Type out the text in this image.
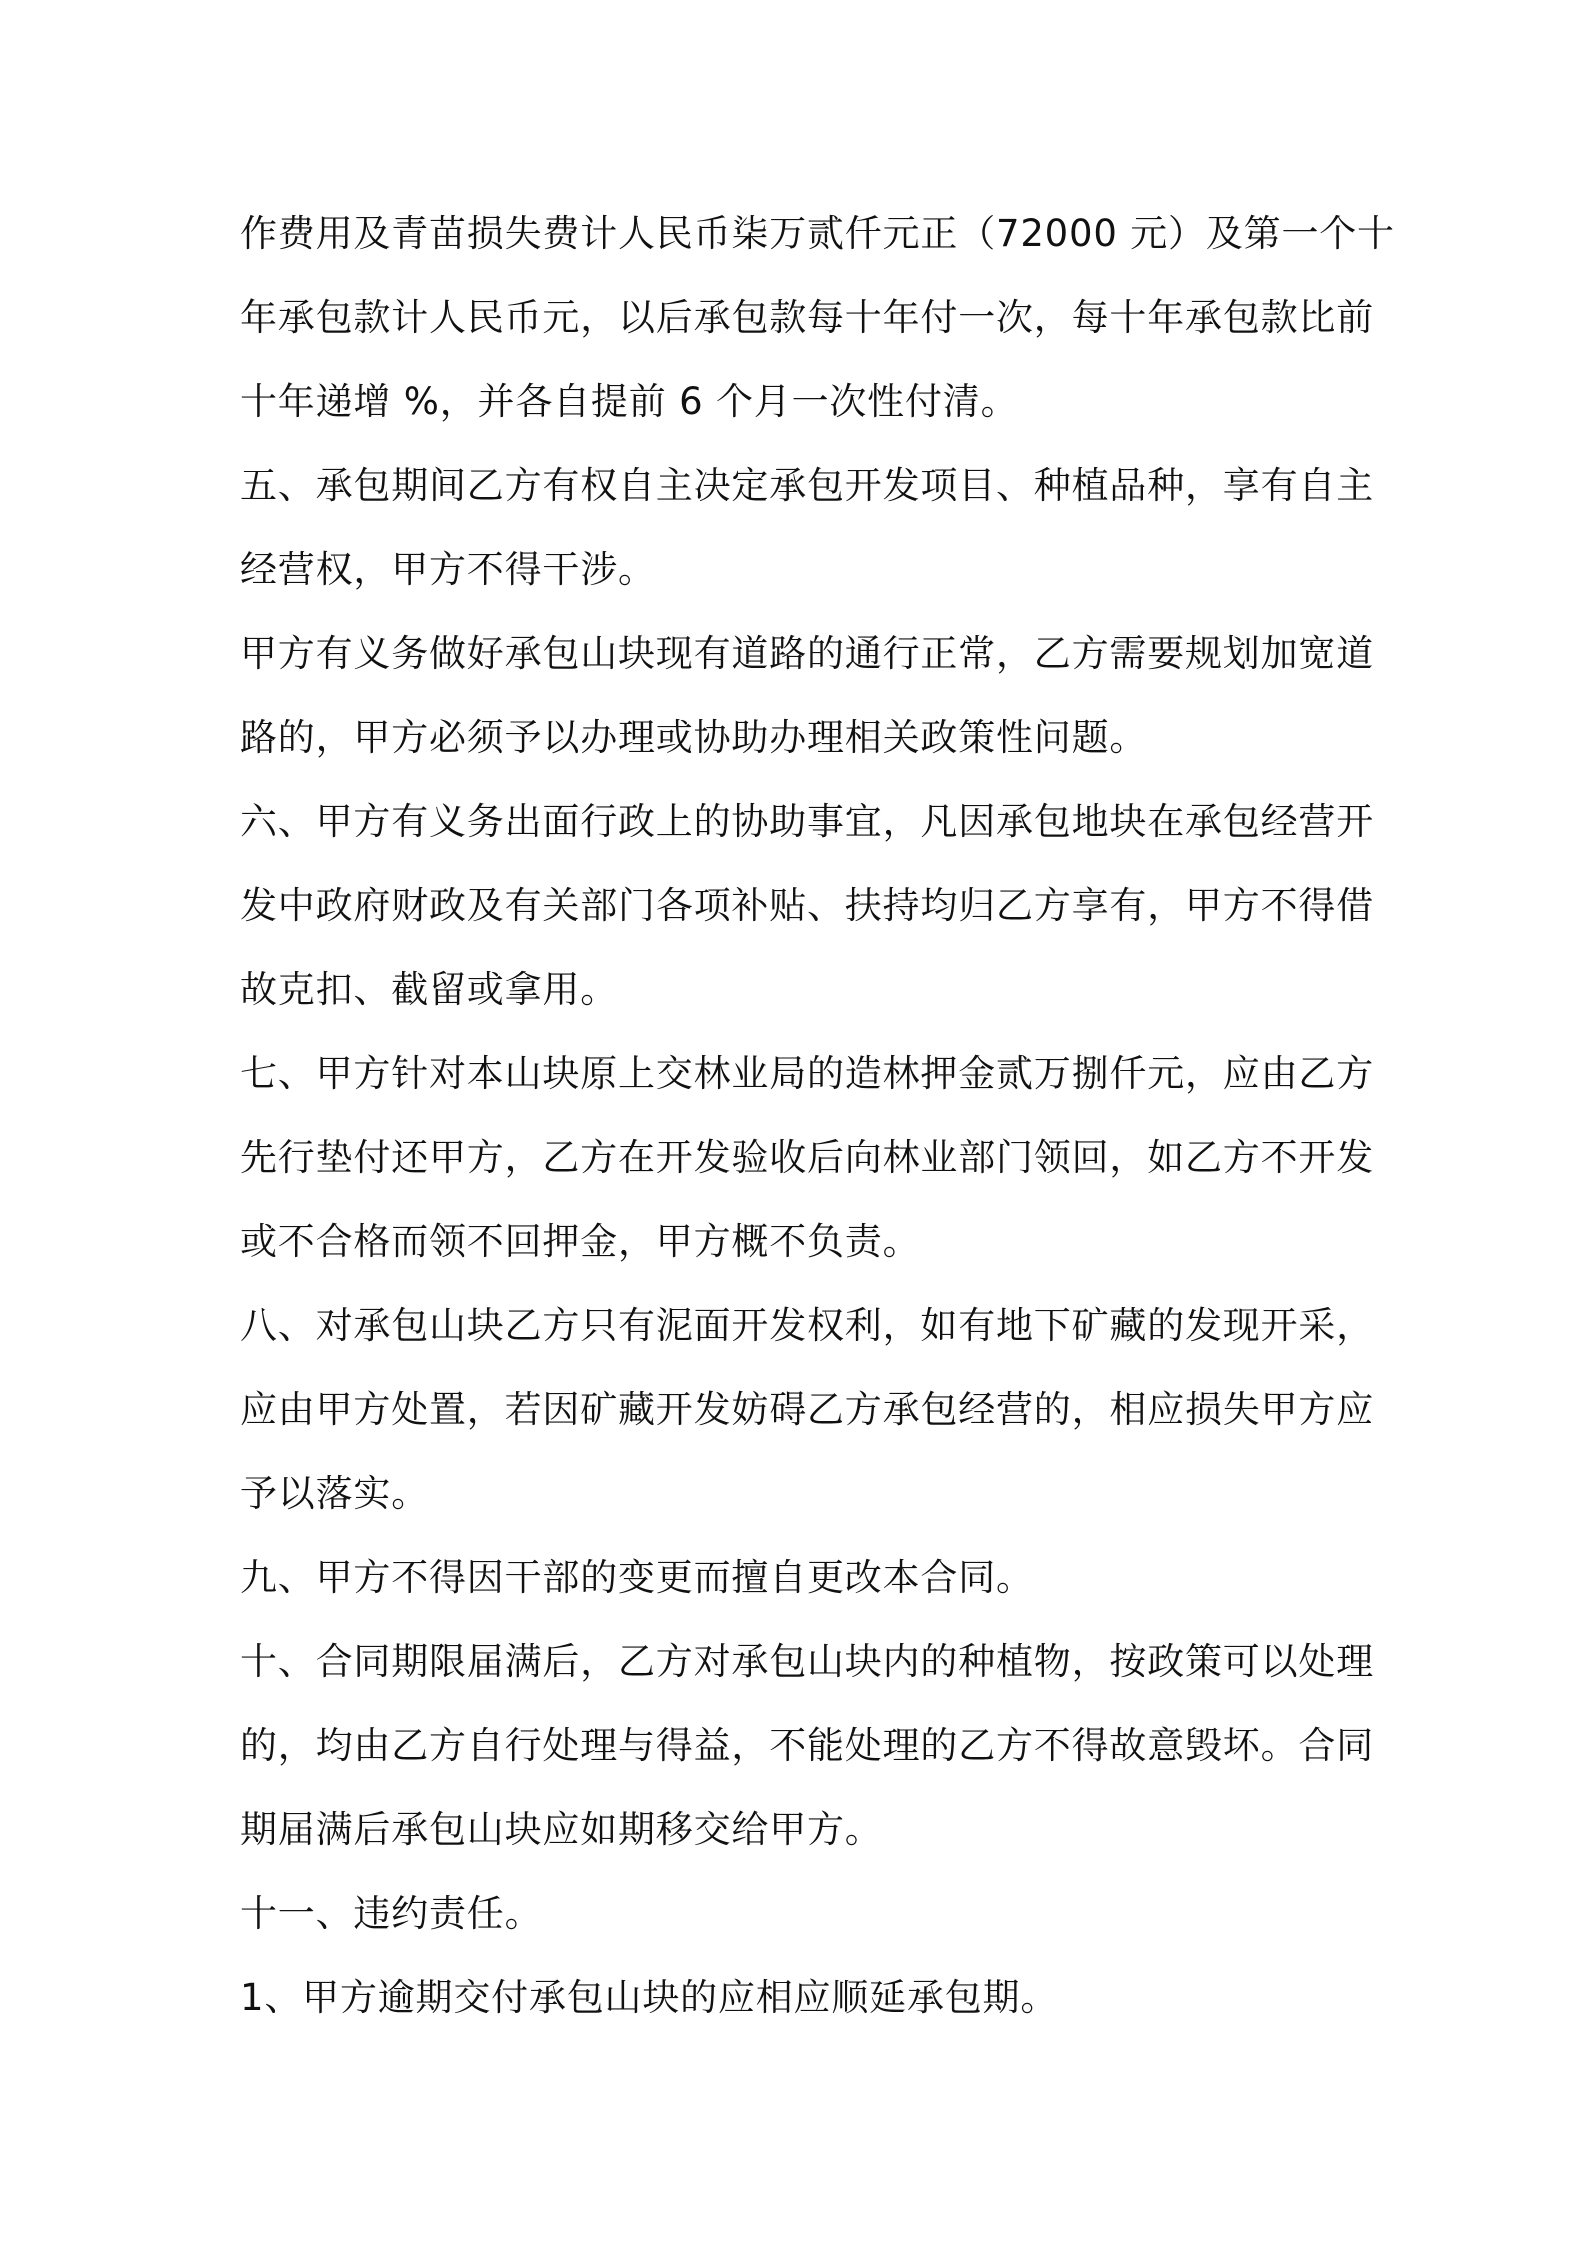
作费用及青苗损失费计人民币柒万贰仟元正（72000 元）及第一个十
年承包款计人民币元，以后承包款每十年付一次，每十年承包款比前
十年递增 %，并各自提前 6 个月一次性付清。
五、承包期间乙方有权自主决定承包开发项目、种植品种，享有自主
经营权，甲方不得干涉。
甲方有义务做好承包山块现有道路的通行正常，乙方需要规划加宽道
路的，甲方必须予以办理或协助办理相关政策性问题。
六、甲方有义务出面行政上的协助事宜，凡因承包地块在承包经营开
发中政府财政及有关部门各项补贴、扶持均归乙方享有，甲方不得借
故克扣、截留或拿用。
七、甲方针对本山块原上交林业局的造林押金贰万捌仟元，应由乙方
先行垫付还甲方，乙方在开发验收后向林业部门领回，如乙方不开发
或不合格而领不回押金，甲方概不负责。
八、对承包山块乙方只有泥面开发权利，如有地下矿藏的发现开采，
应由甲方处置，若因矿藏开发妨碍乙方承包经营的，相应损失甲方应
予以落实。
九、甲方不得因干部的变更而擅自更改本合同。
十、合同期限届满后，乙方对承包山块内的种植物，按政策可以处理
的，均由乙方自行处理与得益，不能处理的乙方不得故意毁坏。合同
期届满后承包山块应如期移交给甲方。
十一、违约责任。
1、甲方逾期交付承包山块的应相应顺延承包期。
